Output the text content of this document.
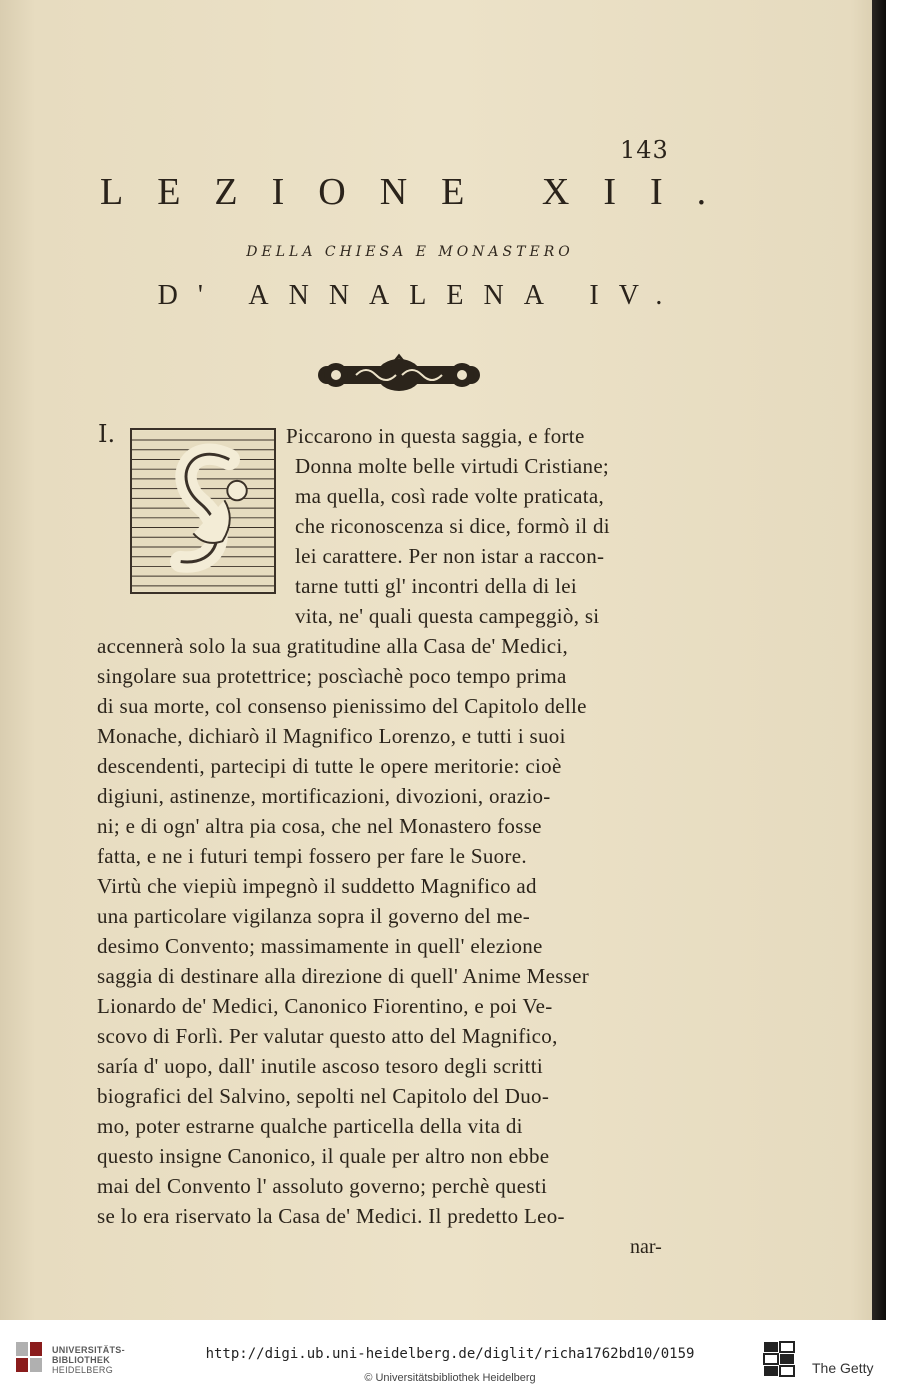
143
LEZIONE XII.
DELLA CHIESA E MONASTERO
D' ANNALENA IV.
I.	Piccarono in questa saggia, e forte
Donna molte belle virtudi Cristiane;
ma quella, così rade volte praticata,
che riconoscenza si dice, formò il di
lei carattere. Per non istar a raccon-
tarne tutti gl' incontri della di lei
vita, ne' quali questa campeggiò, si
accennerà solo la sua gratitudine alla Casa de' Medici,
singolare sua protettrice; poscìachè poco tempo prima
di sua morte, col consenso pienissimo del Capitolo delle
Monache, dichiarò il Magnifico Lorenzo, e tutti i suoi
descendenti, partecipi di tutte le opere meritorie: cioè
digiuni, astinenze, mortificazioni, divozioni, orazio-
ni; e di ogn' altra pia cosa, che nel Monastero fosse
fatta, e ne i futuri tempi fossero per fare le Suore.
Virtù che viepiù impegnò il suddetto Magnifico ad
una particolare vigilanza sopra il governo del me-
desimo Convento; massimamente in quell' elezione
saggia di destinare alla direzione di quell' Anime Messer
Lionardo de' Medici, Canonico Fiorentino, e poi Ve-
scovo di Forlì. Per valutar questo atto del Magnifico,
saría d' uopo, dall' inutile ascoso tesoro degli scritti
biografici del Salvino, sepolti nel Capitolo del Duo-
mo, poter estrarne qualche particella della vita di
questo insigne Canonico, il quale per altro non ebbe
mai del Convento l' assoluto governo; perchè questi
se lo era riservato la Casa de' Medici. Il predetto Leo-
nar-
UNIVERSITÄTS-
BIBLIOTHEK
HEIDELBERG
http://digi.ub.uni-heidelberg.de/diglit/richa1762bd10/0159
© Universitätsbibliothek Heidelberg
The Getty
